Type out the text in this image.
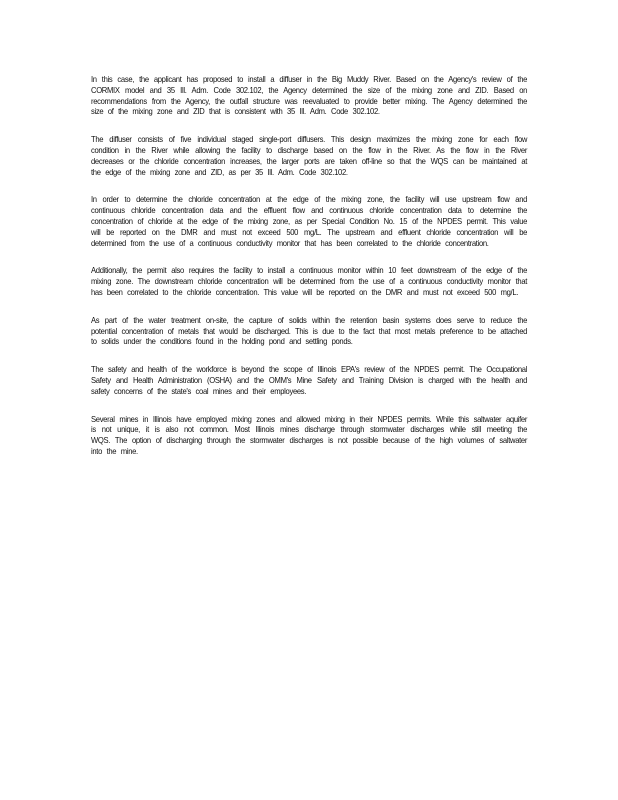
In this case, the applicant has proposed to install a diffuser in the Big Muddy River. Based on the Agency's review of the CORMIX model and 35 Ill. Adm. Code 302.102, the Agency determined the size of the mixing zone and ZID. Based on recommendations from the Agency, the outfall structure was reevaluated to provide better mixing. The Agency determined the size of the mixing zone and ZID that is consistent with 35 Ill. Adm. Code 302.102.

The diffuser consists of five individual staged single-port diffusers. This design maximizes the mixing zone for each flow condition in the River while allowing the facility to discharge based on the flow in the River. As the flow in the River decreases or the chloride concentration increases, the larger ports are taken off-line so that the WQS can be maintained at the edge of the mixing zone and ZID, as per 35 Ill. Adm. Code 302.102.

In order to determine the chloride concentration at the edge of the mixing zone, the facility will use upstream flow and continuous chloride concentration data and the effluent flow and continuous chloride concentration data to determine the concentration of chloride at the edge of the mixing zone, as per Special Condition No. 15 of the NPDES permit. This value will be reported on the DMR and must not exceed 500 mg/L. The upstream and effluent chloride concentration will be determined from the use of a continuous conductivity monitor that has been correlated to the chloride concentration.

Additionally, the permit also requires the facility to install a continuous monitor within 10 feet downstream of the edge of the mixing zone. The downstream chloride concentration will be determined from the use of a continuous conductivity monitor that has been correlated to the chloride concentration. This value will be reported on the DMR and must not exceed 500 mg/L.

As part of the water treatment on-site, the capture of solids within the retention basin systems does serve to reduce the potential concentration of metals that would be discharged. This is due to the fact that most metals preference to be attached to solids under the conditions found in the holding pond and settling ponds.

The safety and health of the workforce is beyond the scope of Illinois EPA's review of the NPDES permit. The Occupational Safety and Health Administration (OSHA) and the OMM's Mine Safety and Training Division is charged with the health and safety concerns of the state's coal mines and their employees.

Several mines in Illinois have employed mixing zones and allowed mixing in their NPDES permits. While this saltwater aquifer is not unique, it is also not common. Most Illinois mines discharge through stormwater discharges while still meeting the WQS. The option of discharging through the stormwater discharges is not possible because of the high volumes of saltwater into the mine.
